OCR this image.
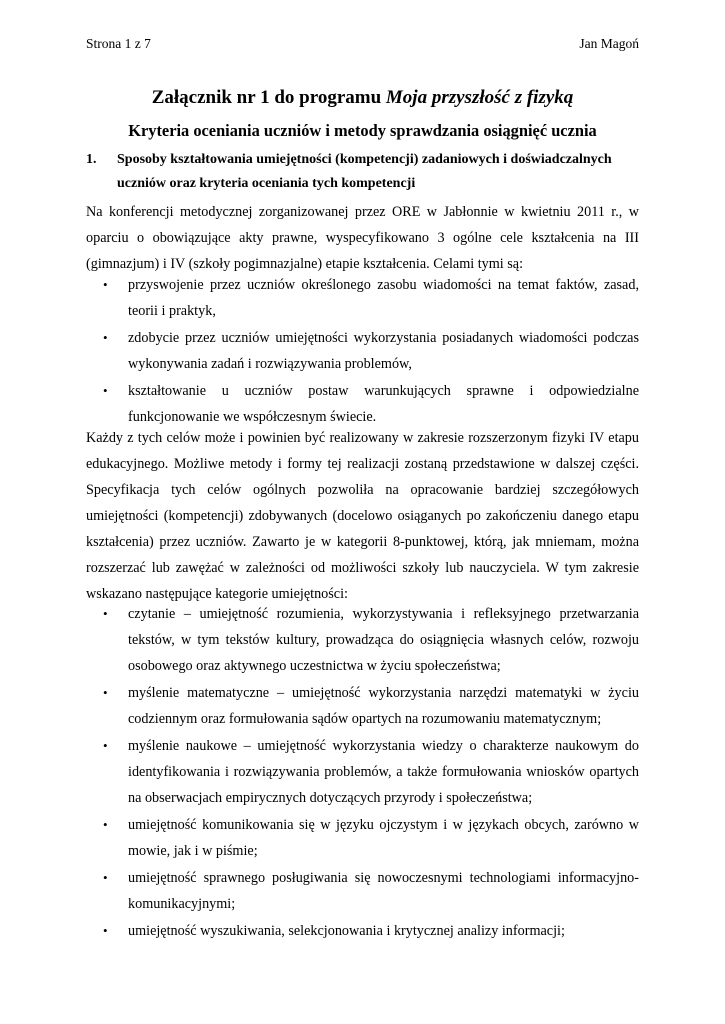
Strona 1 z 7	Jan Magoń
Załącznik nr 1 do programu Moja przyszłość z fizyką
Kryteria oceniania uczniów i metody sprawdzania osiągnięć ucznia
1. Sposoby kształtowania umiejętności (kompetencji) zadaniowych i doświadczalnych
uczniów oraz kryteria oceniania tych kompetencji
Na konferencji metodycznej zorganizowanej przez ORE w Jabłonnie w kwietniu 2011 r., w oparciu o obowiązujące akty prawne, wyspecyfikowano 3 ogólne cele kształcenia na III (gimnazjum) i IV (szkoły pogimnazjalne) etapie kształcenia. Celami tymi są:
• przyswojenie przez uczniów określonego zasobu wiadomości na temat faktów, zasad, teorii i praktyk,
• zdobycie przez uczniów umiejętności wykorzystania posiadanych wiadomości podczas wykonywania zadań i rozwiązywania problemów,
• kształtowanie u uczniów postaw warunkujących sprawne i odpowiedzialne funkcjonowanie we współczesnym świecie.
Każdy z tych celów może i powinien być realizowany w zakresie rozszerzonym fizyki IV etapu edukacyjnego. Możliwe metody i formy tej realizacji zostaną przedstawione w dalszej części. Specyfikacja tych celów ogólnych pozwoliła na opracowanie bardziej szczegółowych umiejętności (kompetencji) zdobywanych (docelowo osiąganych po zakończeniu danego etapu kształcenia) przez uczniów. Zawarto je w kategorii 8-punktowej, którą, jak mniemam, można rozszerzać lub zawężać w zależności od możliwości szkoły lub nauczyciela. W tym zakresie wskazano następujące kategorie umiejętności:
• czytanie – umiejętność rozumienia, wykorzystywania i refleksyjnego przetwarzania tekstów, w tym tekstów kultury, prowadząca do osiągnięcia własnych celów, rozwoju osobowego oraz aktywnego uczestnictwa w życiu społeczeństwa;
• myślenie matematyczne – umiejętność wykorzystania narzędzi matematyki w życiu codziennym oraz formułowania sądów opartych na rozumowaniu matematycznym;
• myślenie naukowe – umiejętność wykorzystania wiedzy o charakterze naukowym do identyfikowania i rozwiązywania problemów, a także formułowania wniosków opartych na obserwacjach empirycznych dotyczących przyrody i społeczeństwa;
• umiejętność komunikowania się w języku ojczystym i w językach obcych, zarówno w mowie, jak i w piśmie;
• umiejętność sprawnego posługiwania się nowoczesnymi technologiami informacyjno-komunikacyjnymi;
• umiejętność wyszukiwania, selekcjonowania i krytycznej analizy informacji;
